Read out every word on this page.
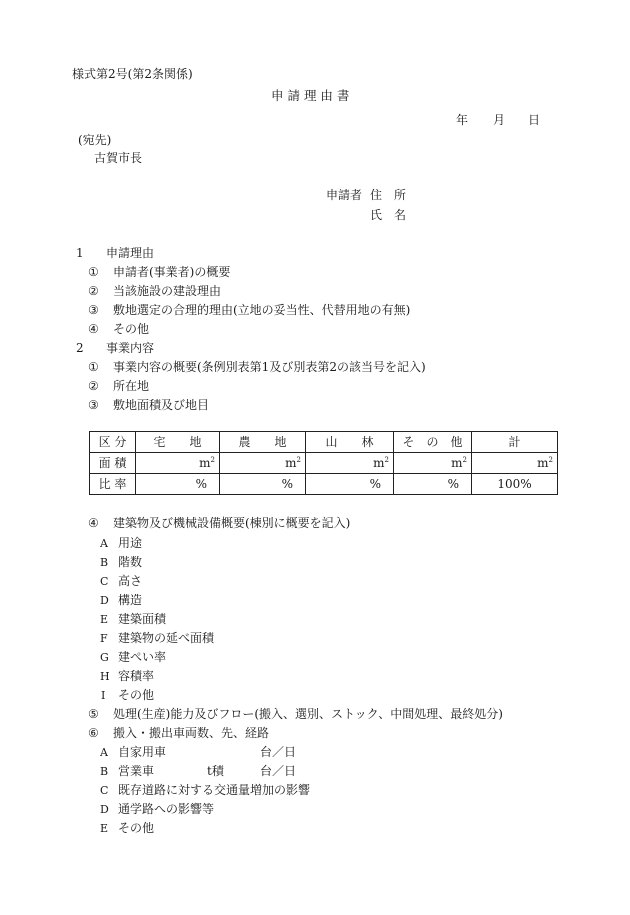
様式第2号(第2条関係)
申 請 理 由 書
年 月 日
(宛先)
古賀市長
申請者 住　所
氏　名
1 申請理由
① 申請者(事業者)の概要
② 当該施設の建設理由
③ 敷地選定の合理的理由(立地の妥当性、代替用地の有無)
④ その他
2 事業内容
① 事業内容の概要(条例別表第1及び別表第2の該当号を記入)
② 所在地
③ 敷地面積及び地目
区 分	宅　　地	農　　地	山　　林	そ　の　他	計
面 積	$m^2$	$m^2$	$m^2$	$m^2$	$m^2$
比 率	%	%	%	%	100%
④ 建築物及び機械設備概要(棟別に概要を記入)
A 用途
B 階数
C 高さ
D 構造
E 建築面積
F 建築物の延べ面積
G 建ぺい率
H 容積率
I その他
⑤ 処理(生産)能力及びフロー(搬入、選別、ストック、中間処理、最終処分)
⑥ 搬入・搬出車両数、先、経路
A 自家用車	台／日
B 営業車	t積	台／日
C 既存道路に対する交通量増加の影響
D 通学路への影響等
E その他
